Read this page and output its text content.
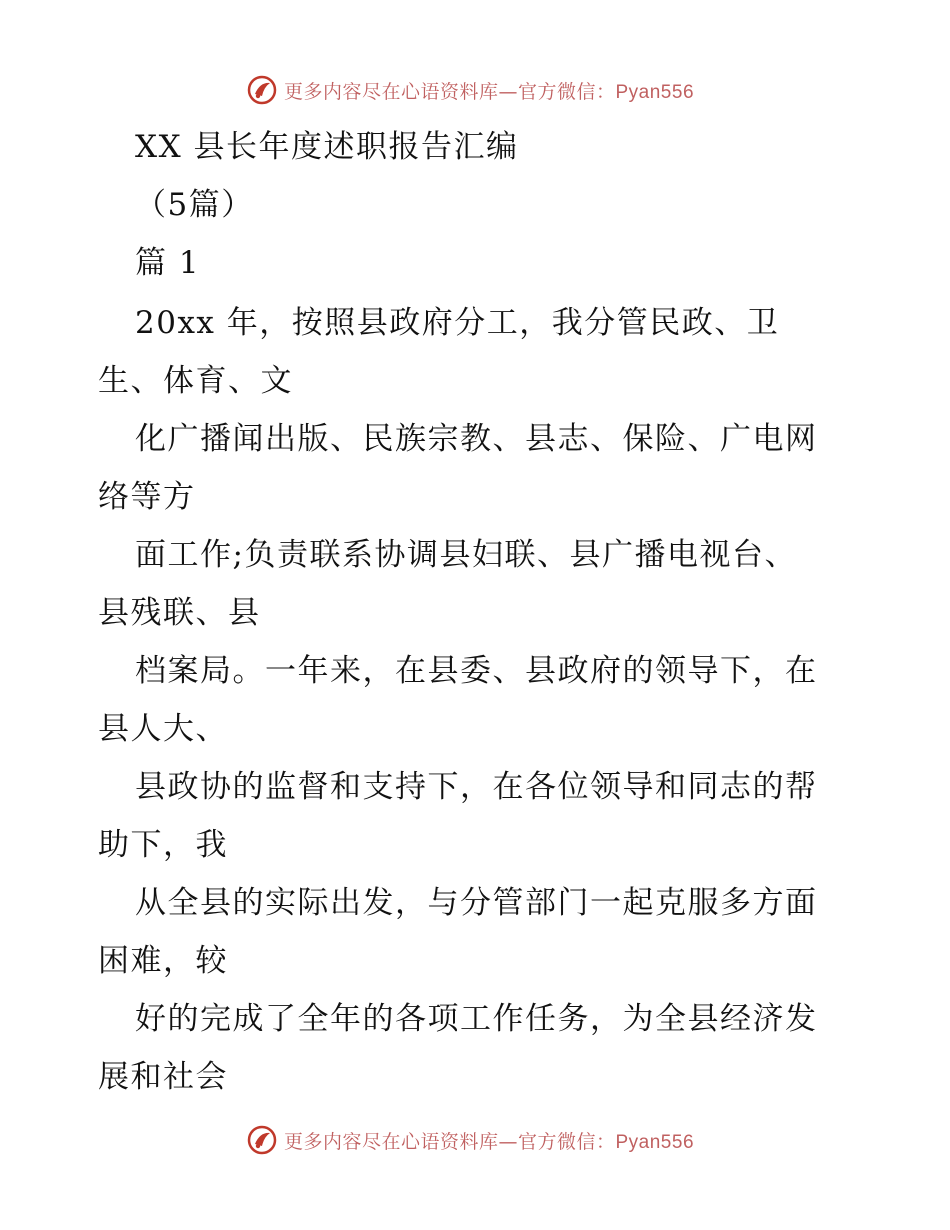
更多内容尽在心语资料库—官方微信：Pyan556
XX 县长年度述职报告汇编
（5篇）
篇 1
20xx 年，按照县政府分工，我分管民政、卫
生、体育、文
化广播闻出版、民族宗教、县志、保险、广电网
络等方
面工作;负责联系协调县妇联、县广播电视台、
县残联、县
档案局。一年来，在县委、县政府的领导下，在
县人大、
县政协的监督和支持下，在各位领导和同志的帮
助下，我
从全县的实际出发，与分管部门一起克服多方面
困难，较
好的完成了全年的各项工作任务，为全县经济发
展和社会
更多内容尽在心语资料库—官方微信：Pyan556
